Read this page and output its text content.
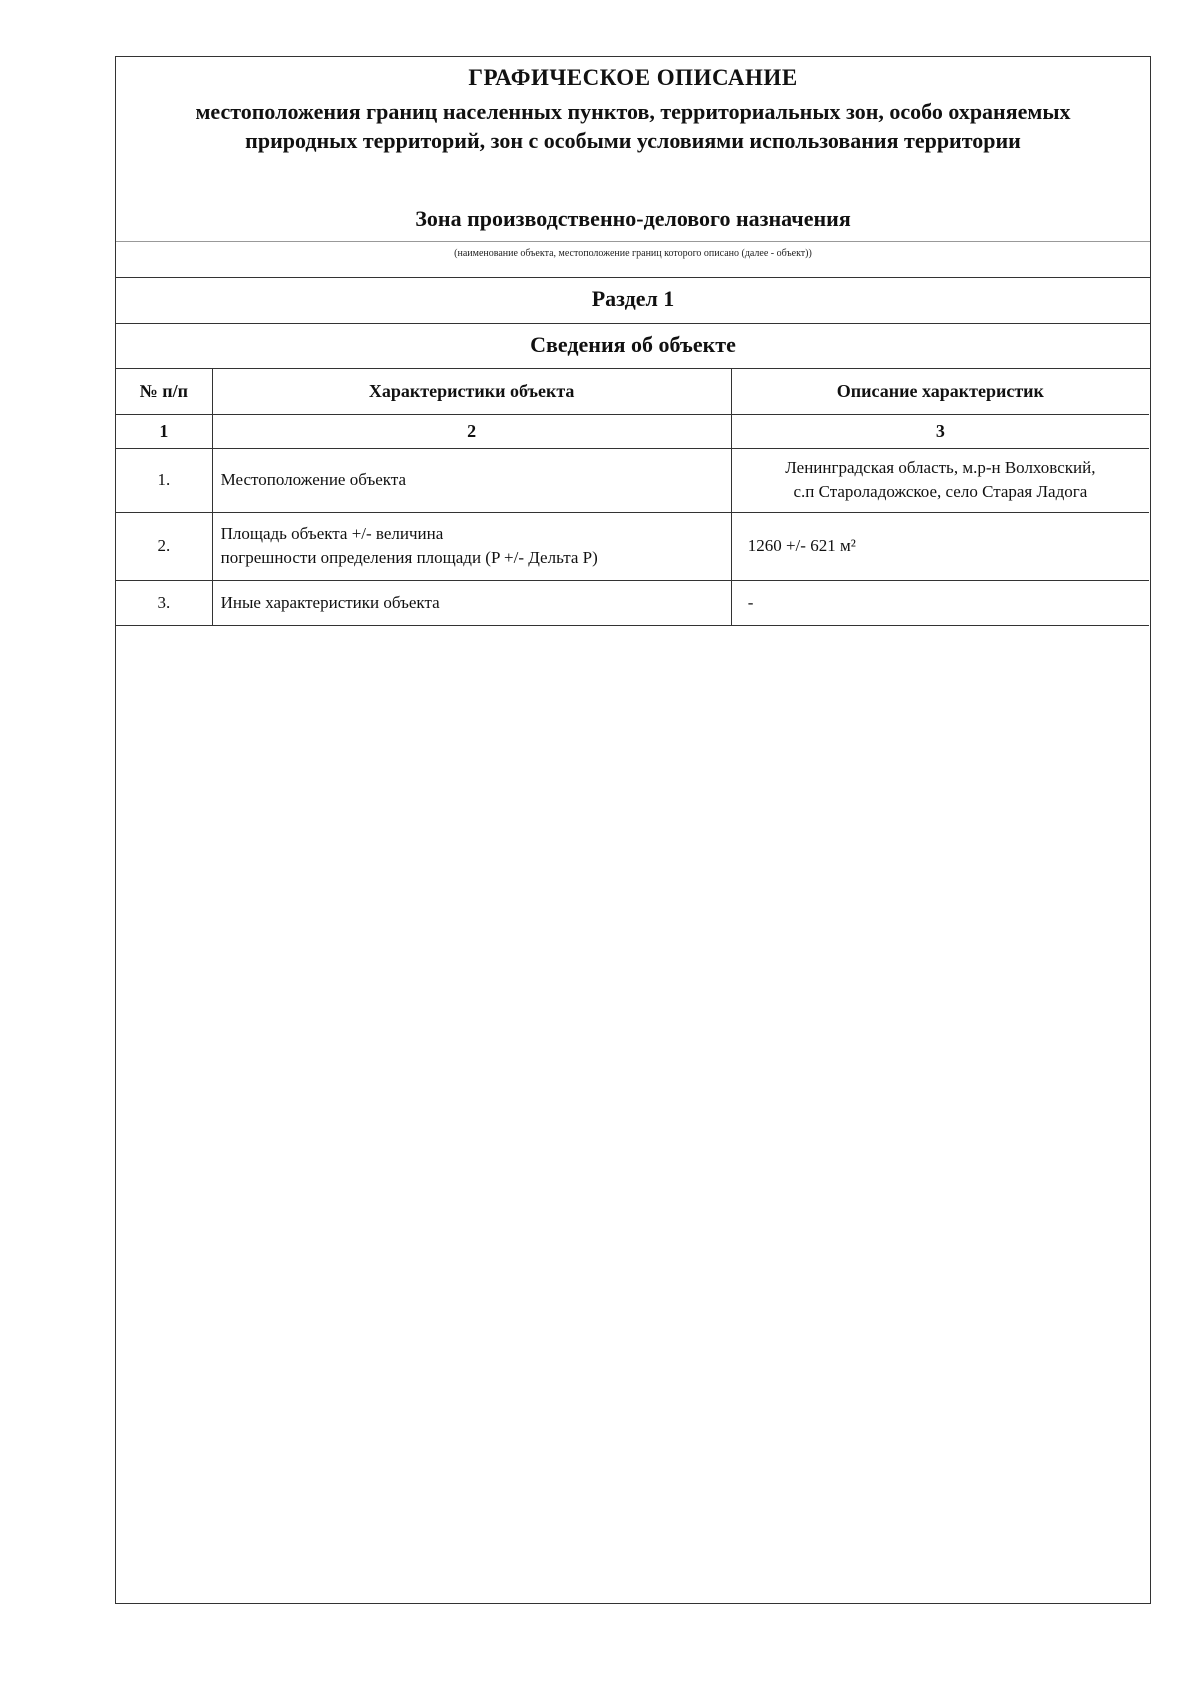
ГРАФИЧЕСКОЕ ОПИСАНИЕ
местоположения границ населенных пунктов, территориальных зон, особо охраняемых природных территорий, зон с особыми условиями использования территории
Зона производственно-делового назначения
(наименование объекта, местоположение границ которого описано (далее - объект))
Раздел 1
Сведения об объекте
№ п/п	Характеристики объекта	Описание характеристик
1	2	3
1.	Местоположение объекта	Ленинградская область, м.р-н Волховский,
с.п Староладожское, село Старая Ладога

2.	Площадь объекта +/- величина
погрешности определения площади (P +/- Дельта P)	1260 +/- 621 м²
3.	Иные характеристики объекта	-
